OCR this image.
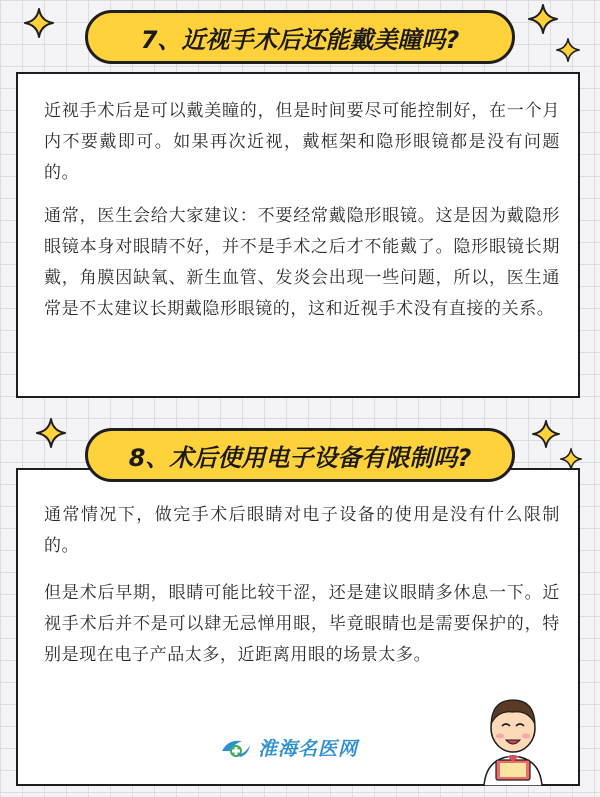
近视手术后是可以戴美瞳的，但是时间要尽可能控制好，在一个月内不要戴即可。如果再次近视，戴框架和隐形眼镜都是没有问题的。

通常，医生会给大家建议：不要经常戴隐形眼镜。这是因为戴隐形眼镜本身对眼睛不好，并不是手术之后才不能戴了。隐形眼镜长期戴，角膜因缺氧、新生血管、发炎会出现一些问题，所以，医生通常是不太建议长期戴隐形眼镜的，这和近视手术没有直接的关系。

7、近视手术后还能戴美瞳吗?

通常情况下，做完手术后眼睛对电子设备的使用是没有什么限制的。

但是术后早期，眼睛可能比较干涩，还是建议眼睛多休息一下。近视手术后并不是可以肆无忌惮用眼，毕竟眼睛也是需要保护的，特别是现在电子产品太多，近距离用眼的场景太多。

8、术后使用电子设备有限制吗?
淮海名医网
